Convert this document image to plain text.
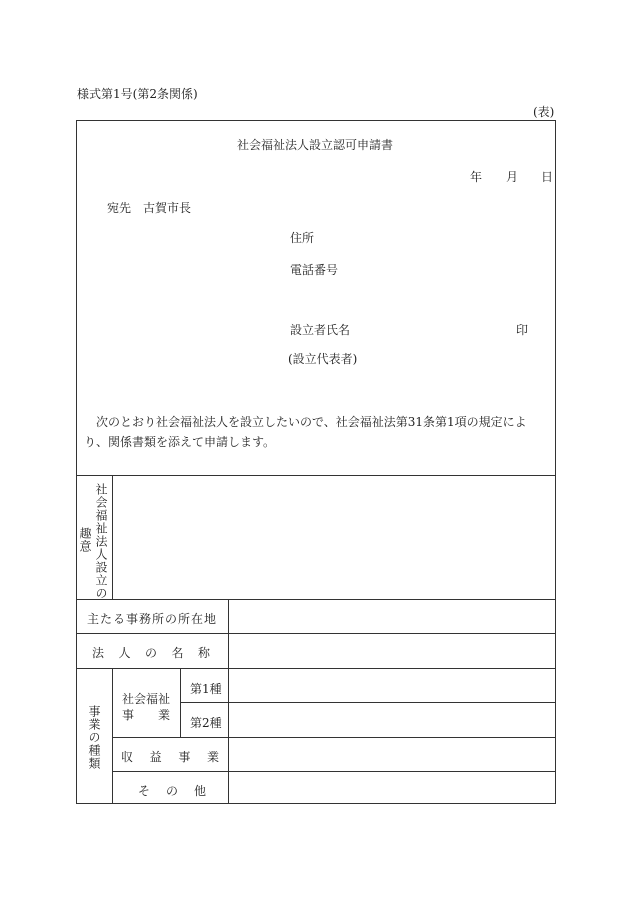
様式第1号(第2条関係)
(表)
社会福祉法人設立認可申請書
年 月 日
宛先 古賀市長
住所
電話番号
設立者氏名	印
(設立代表者)
次のとおり社会福祉法人を設立したいので、社会福祉法第31条第1項の規定により、関係書類を添えて申請します。
社会福祉法人設立の
趣意
主たる事務所の所在地
法 人 の 名 称
事業の種類
社会福祉
事 業
第1種
第2種
収 益 事 業
そ の 他
